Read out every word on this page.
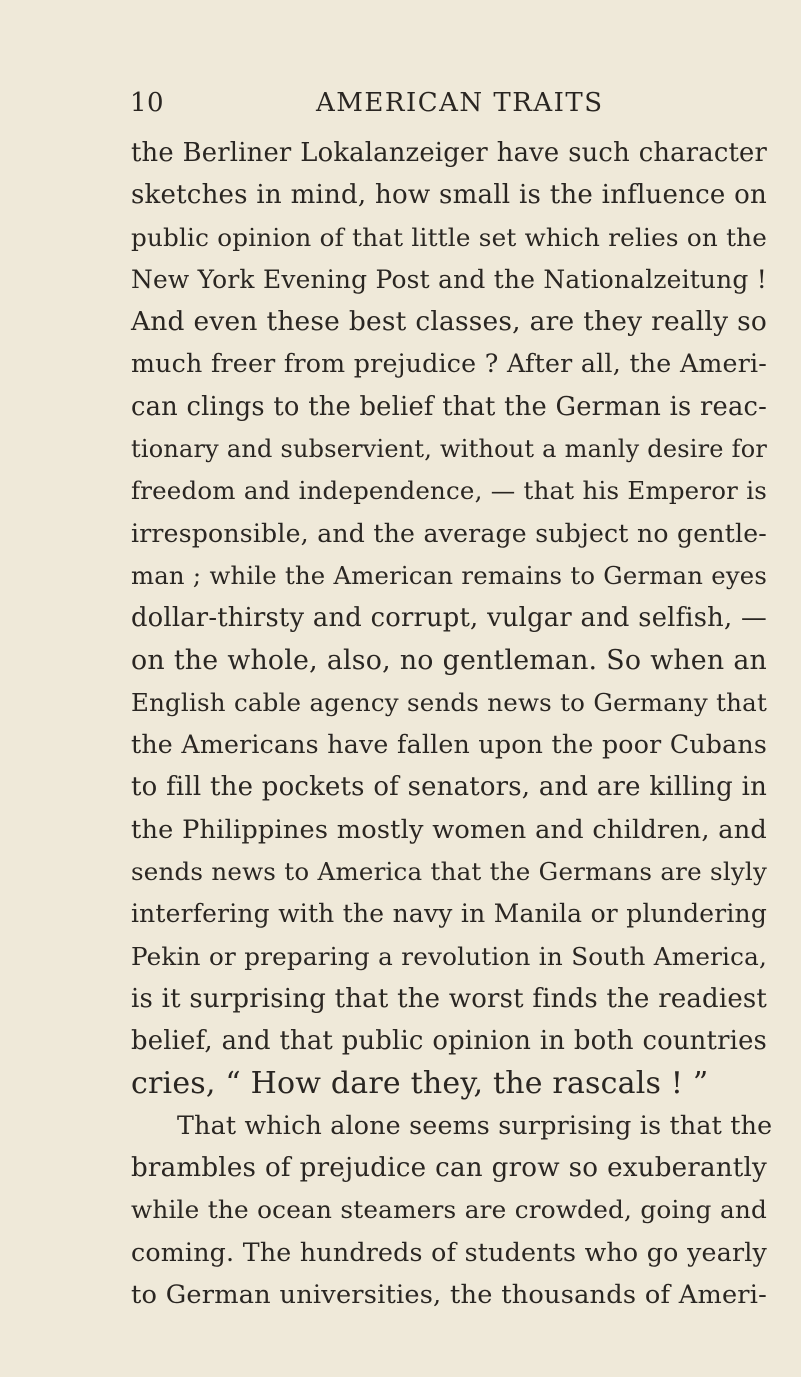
10	AMERICAN TRAITS
the Berliner Lokalanzeiger have such character
sketches in mind, how small is the influence on
public opinion of that little set which relies on the
New York Evening Post and the Nationalzeitung !
And even these best classes, are they really so
much freer from prejudice ? After all, the Ameri-
can clings to the belief that the German is reac-
tionary and subservient, without a manly desire for
freedom and independence, — that his Emperor is
irresponsible, and the average subject no gentle-
man ; while the American remains to German eyes
dollar-thirsty and corrupt, vulgar and selfish, —
on the whole, also, no gentleman. So when an
English cable agency sends news to Germany that
the Americans have fallen upon the poor Cubans
to fill the pockets of senators, and are killing in
the Philippines mostly women and children, and
sends news to America that the Germans are slyly
interfering with the navy in Manila or plundering
Pekin or preparing a revolution in South America,
is it surprising that the worst finds the readiest
belief, and that public opinion in both countries
cries, “ How dare they, the rascals ! ”
That which alone seems surprising is that the
brambles of prejudice can grow so exuberantly
while the ocean steamers are crowded, going and
coming. The hundreds of students who go yearly
to German universities, the thousands of Ameri-
